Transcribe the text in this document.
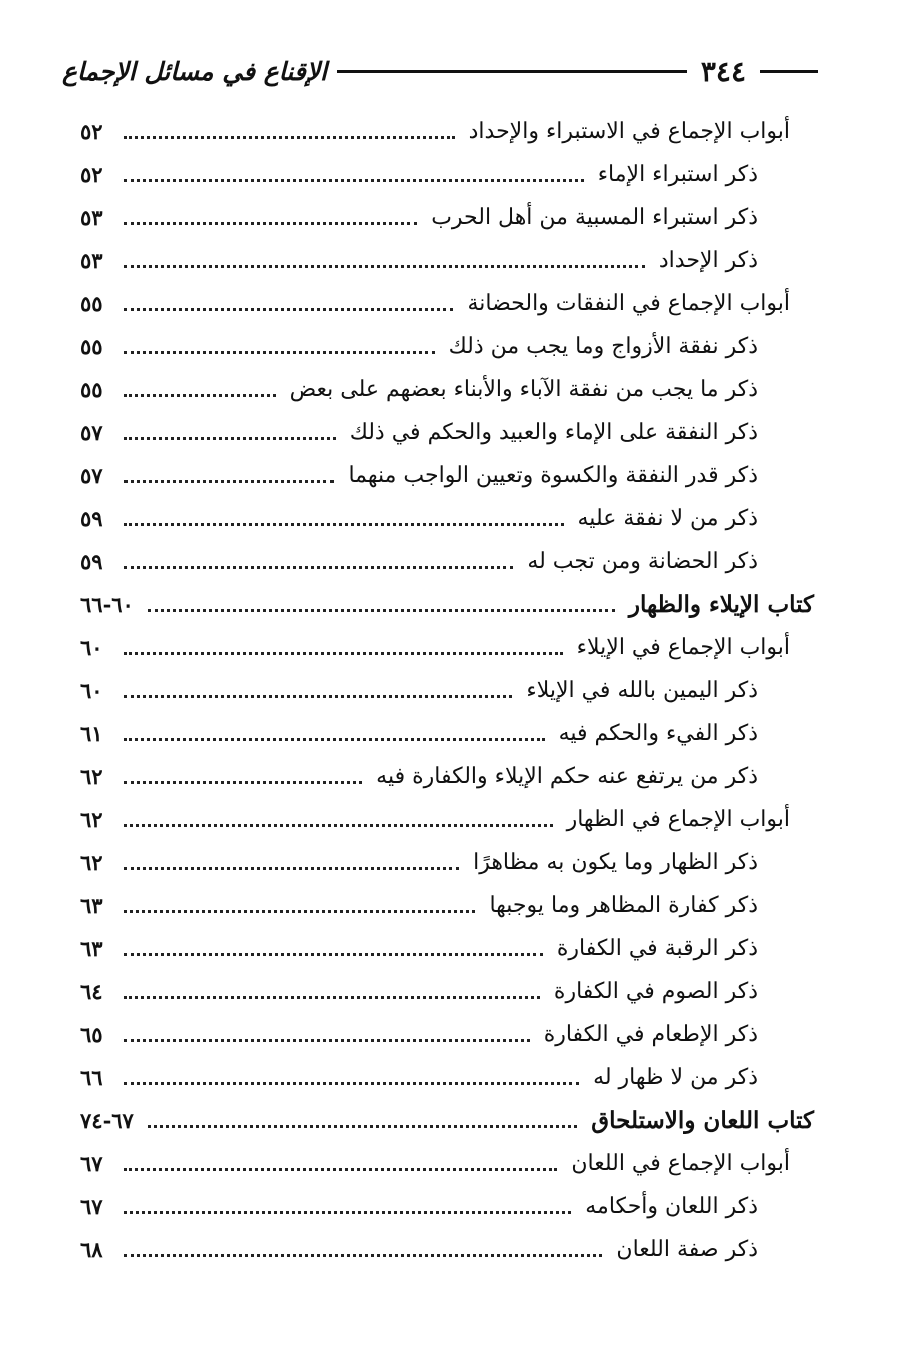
٣٤٤
الإقناع في مسائل الإجماع
أبواب الإجماع في الاستبراء والإحداد
٥٢
ذكر استبراء الإماء
٥٢
ذكر استبراء المسبية من أهل الحرب
٥٣
ذكر الإحداد
٥٣
أبواب الإجماع في النفقات والحضانة
٥٥
ذكر نفقة الأزواج وما يجب من ذلك
٥٥
ذكر ما يجب من نفقة الآباء والأبناء بعضهم على بعض
٥٥
ذكر النفقة على الإماء والعبيد والحكم في ذلك
٥٧
ذكر قدر النفقة والكسوة وتعيين الواجب منهما
٥٧
ذكر من لا نفقة عليه
٥٩
ذكر الحضانة ومن تجب له
٥٩
كتاب الإيلاء والظهار
٦٠-٦٦
أبواب الإجماع في الإيلاء
٦٠
ذكر اليمين بالله في الإيلاء
٦٠
ذكر الفيء والحكم فيه
٦١
ذكر من يرتفع عنه حكم الإيلاء والكفارة فيه
٦٢
أبواب الإجماع في الظهار
٦٢
ذكر الظهار وما يكون به مظاهرًا
٦٢
ذكر كفارة المظاهر وما يوجبها
٦٣
ذكر الرقبة في الكفارة
٦٣
ذكر الصوم في الكفارة
٦٤
ذكر الإطعام في الكفارة
٦٥
ذكر من لا ظهار له
٦٦
كتاب اللعان والاستلحاق
٦٧-٧٤
أبواب الإجماع في اللعان
٦٧
ذكر اللعان وأحكامه
٦٧
ذكر صفة اللعان
٦٨
